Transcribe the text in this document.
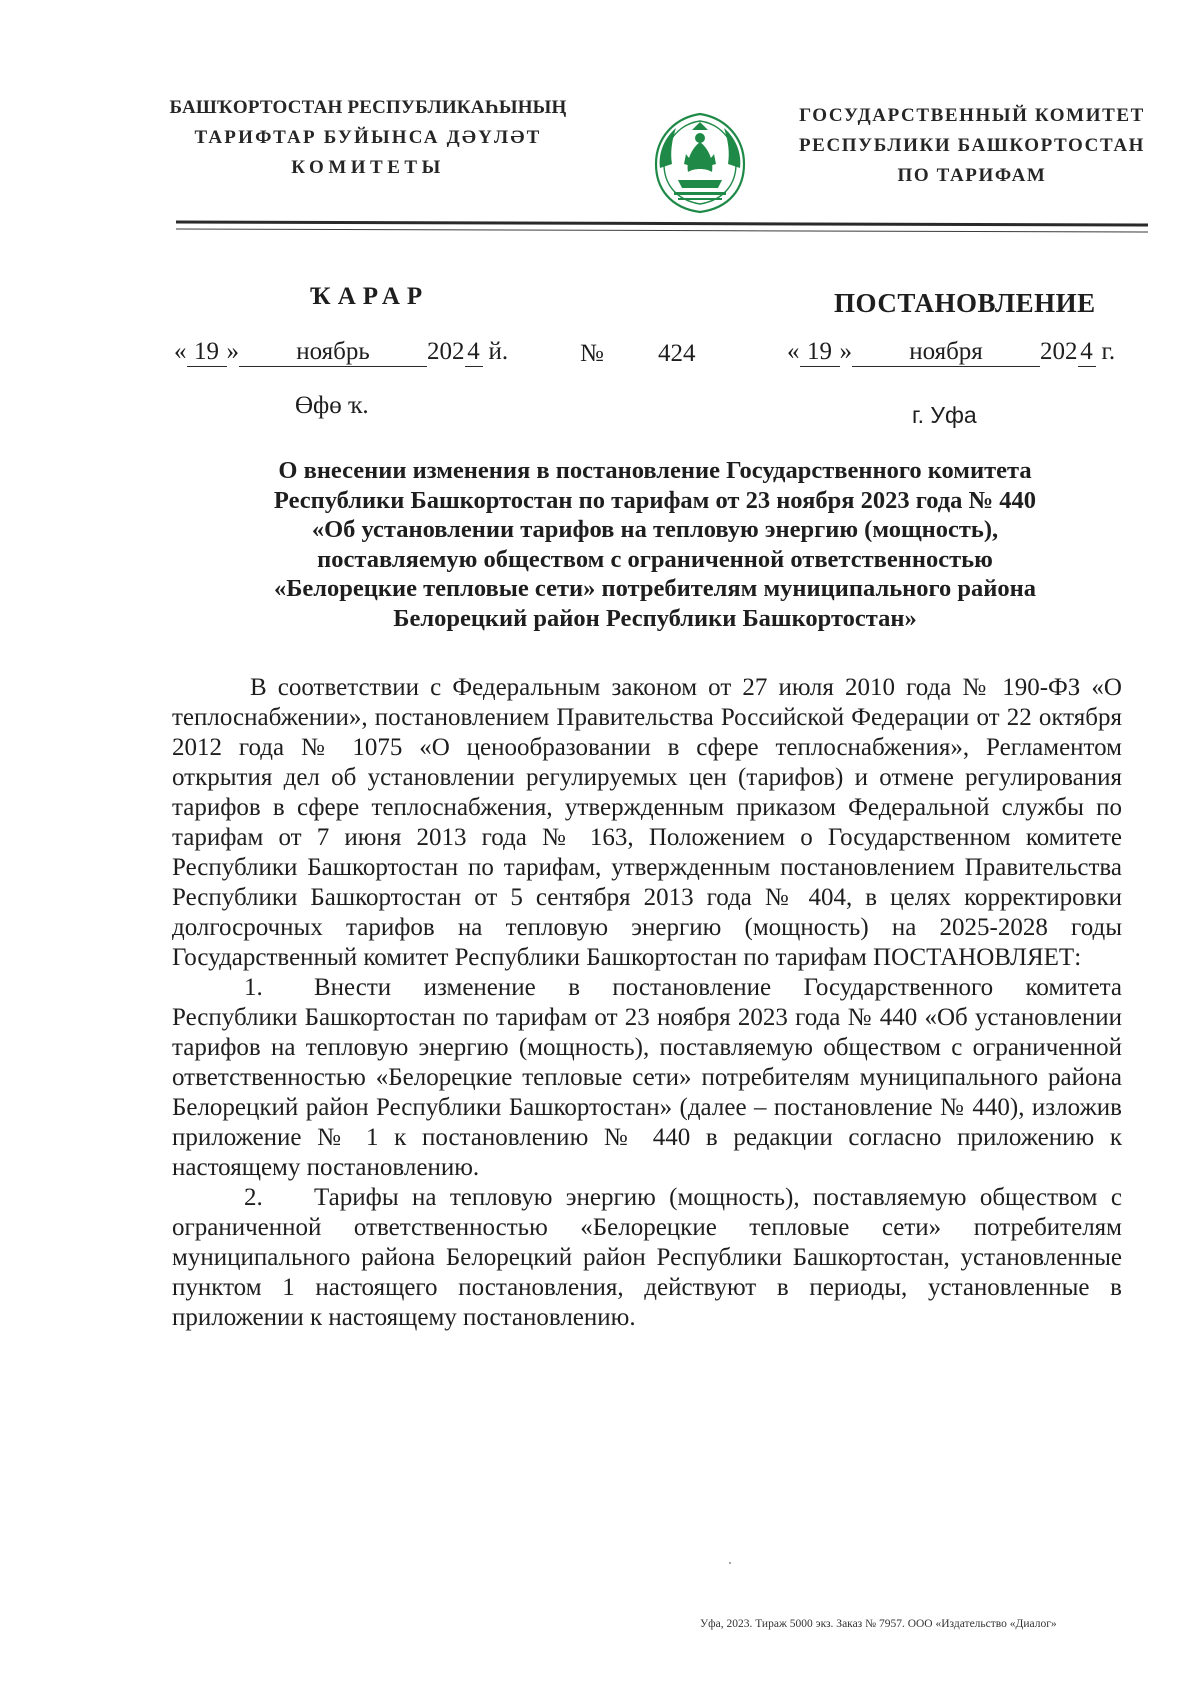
БАШҠОРТОСТАН РЕСПУБЛИКАҺЫНЫҢ
ТАРИФТАР БУЙЫНСА ДӘҮЛӘТ
КОМИТЕТЫ
ГОСУДАРСТВЕННЫЙ КОМИТЕТ
РЕСПУБЛИКИ БАШКОРТОСТАН
ПО ТАРИФАМ
ҠАРАР	ПОСТАНОВЛЕНИЕ
« 19 » ноябрь 202 4 й.	№ 424	« 19 » ноября 202 4 г.
Өфө ҡ.	г. Уфа
О внесении изменения в постановление Государственного комитета
Республики Башкортостан по тарифам от 23 ноября 2023 года № 440
«Об установлении тарифов на тепловую энергию (мощность),
поставляемую обществом с ограниченной ответственностью
«Белорецкие тепловые сети» потребителям муниципального района
Белорецкий район Республики Башкортостан»

В соответствии с Федеральным законом от 27 июля 2010 года № 190-ФЗ «О теплоснабжении», постановлением Правительства Российской Федерации от 22 октября 2012 года № 1075 «О ценообразовании в сфере теплоснабжения», Регламентом открытия дел об установлении регулируемых цен (тарифов) и отмене регулирования тарифов в сфере теплоснабжения, утвержденным приказом Федеральной службы по тарифам от 7 июня 2013 года № 163, Положением о Государственном комитете Республики Башкортостан по тарифам, утвержденным постановлением Правительства Республики Башкортостан от 5 сентября 2013 года № 404, в целях корректировки долгосрочных тарифов на тепловую энергию (мощность) на 2025-2028 годы Государственный комитет Республики Башкортостан по тарифам ПОСТАНОВЛЯЕТ:

1. Внести изменение в постановление Государственного комитета Республики Башкортостан по тарифам от 23 ноября 2023 года № 440 «Об установлении тарифов на тепловую энергию (мощность), поставляемую обществом с ограниченной ответственностью «Белорецкие тепловые сети» потребителям муниципального района Белорецкий район Республики Башкортостан» (далее – постановление № 440), изложив приложение № 1 к постановлению № 440 в редакции согласно приложению к настоящему постановлению.

2. Тарифы на тепловую энергию (мощность), поставляемую обществом с ограниченной ответственностью «Белорецкие тепловые сети» потребителям муниципального района Белорецкий район Республики Башкортостан, установленные пунктом 1 настоящего постановления, действуют в периоды, установленные в приложении к настоящему постановлению.

Уфа, 2023. Тираж 5000 экз. Заказ № 7957. ООО «Издательство «Диалог»
